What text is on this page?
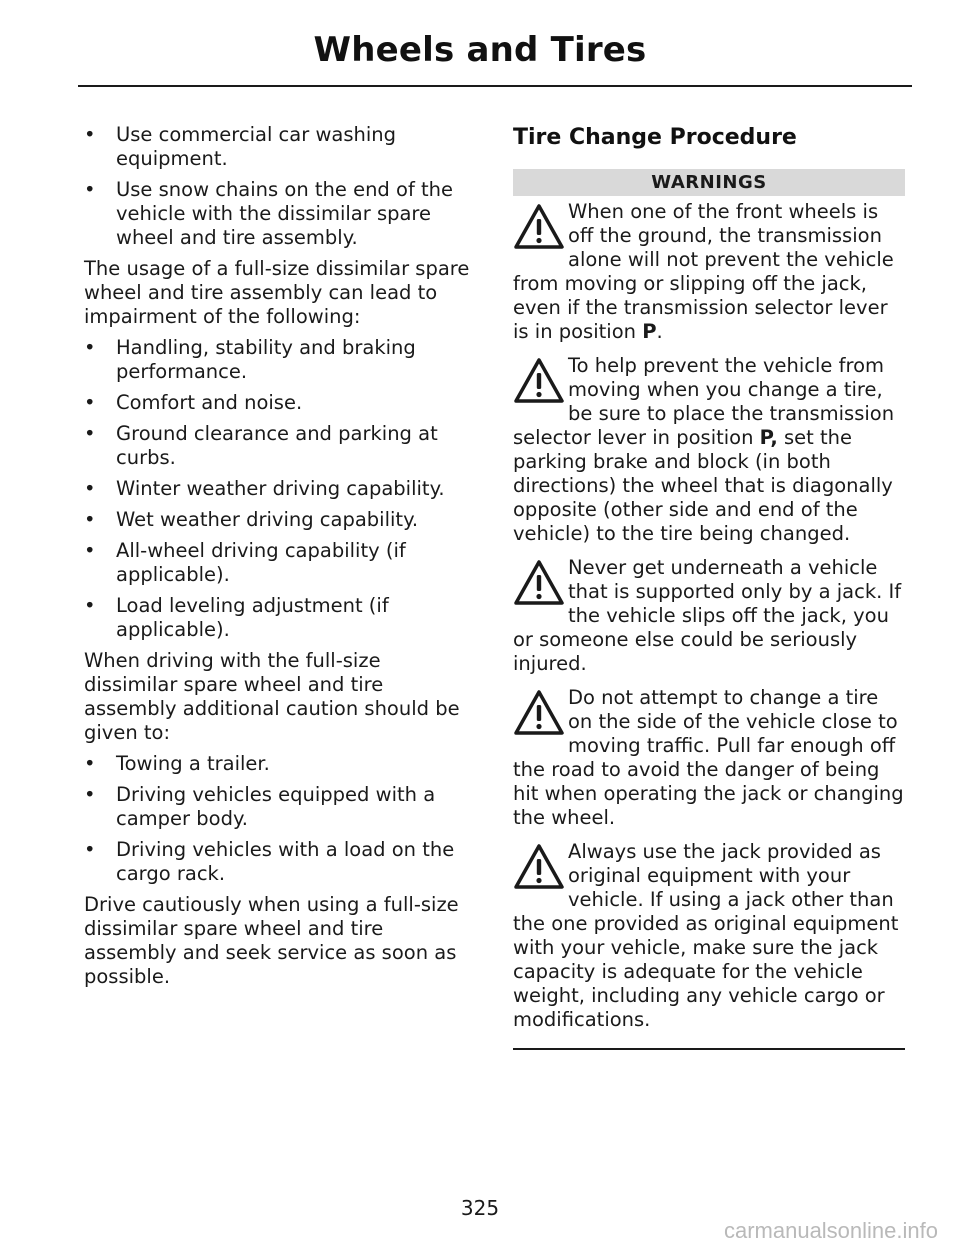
Wheels and Tires
• Use commercial car washing equipment.
• Use snow chains on the end of the vehicle with the dissimilar spare wheel and tire assembly.

The usage of a full-size dissimilar spare wheel and tire assembly can lead to impairment of the following:

• Handling, stability and braking performance.
• Comfort and noise.
• Ground clearance and parking at curbs.
• Winter weather driving capability.
• Wet weather driving capability.
• All-wheel driving capability (if applicable).
• Load leveling adjustment (if applicable).

When driving with the full-size dissimilar spare wheel and tire assembly additional caution should be given to:

• Towing a trailer.
• Driving vehicles equipped with a camper body.
• Driving vehicles with a load on the cargo rack.

Drive cautiously when using a full-size dissimilar spare wheel and tire assembly and seek service as soon as possible.

Tire Change Procedure
WARNINGS
When one of the front wheels is off the ground, the transmission alone will not prevent the vehicle from moving or slipping off the jack, even if the transmission selector lever is in position P.
To help prevent the vehicle from moving when you change a tire, be sure to place the transmission selector lever in position P, set the parking brake and block (in both directions) the wheel that is diagonally opposite (other side and end of the vehicle) to the tire being changed.
Never get underneath a vehicle that is supported only by a jack. If the vehicle slips off the jack, you or someone else could be seriously injured.
Do not attempt to change a tire on the side of the vehicle close to moving traffic. Pull far enough off the road to avoid the danger of being hit when operating the jack or changing the wheel.
Always use the jack provided as original equipment with your vehicle. If using a jack other than the one provided as original equipment with your vehicle, make sure the jack capacity is adequate for the vehicle weight, including any vehicle cargo or modifications.
325
carmanualsonline.info
